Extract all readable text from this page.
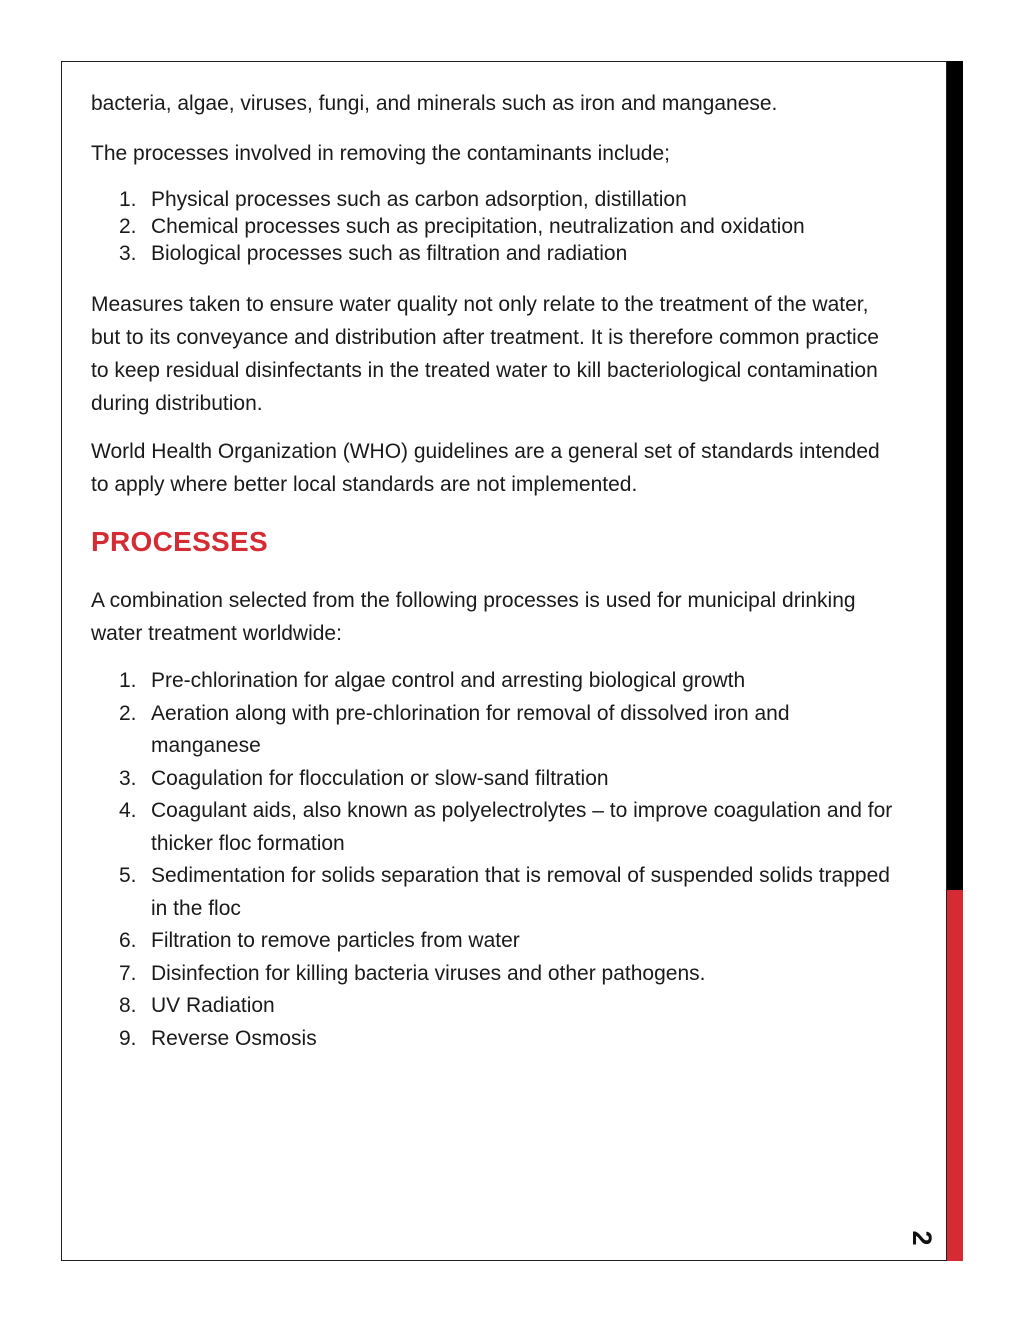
2

bacteria, algae, viruses, fungi, and minerals such as iron and manganese.

The processes involved in removing the contaminants include;

1. Physical processes such as carbon adsorption, distillation
2. Chemical processes such as precipitation, neutralization and oxidation
3. Biological processes such as filtration and radiation

Measures taken to ensure water quality not only relate to the treatment of the water, but to its conveyance and distribution after treatment. It is therefore common practice to keep residual disinfectants in the treated water to kill bacteriological contamination during distribution.

World Health Organization (WHO) guidelines are a general set of standards intended to apply where better local standards are not implemented.

PROCESSES

A combination selected from the following processes is used for municipal drinking water treatment worldwide:

1. Pre-chlorination for algae control and arresting biological growth
2. Aeration along with pre-chlorination for removal of dissolved iron and manganese
3. Coagulation for flocculation or slow-sand filtration
4. Coagulant aids, also known as polyelectrolytes – to improve coagulation and for thicker floc formation
5. Sedimentation for solids separation that is removal of suspended solids trapped in the floc
6. Filtration to remove particles from water
7. Disinfection for killing bacteria viruses and other pathogens.
8. UV Radiation
9. Reverse Osmosis
